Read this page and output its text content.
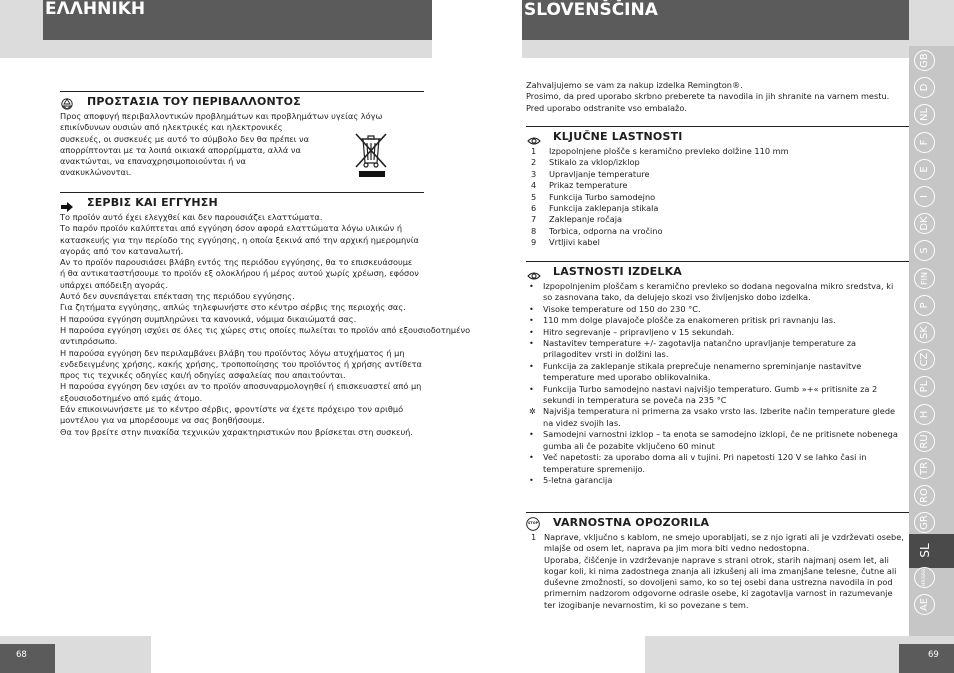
ΕΛΛΗΝΙΚΗ
ΠΡΟΣΤΑΣΙΑ ΤΟΥ ΠΕΡΙΒΑΛΛΟΝΤΟΣ
Προς αποφυγή περιβαλλοντικών προβλημάτων και προβλημάτων υγείας λόγω
επικίνδυνων ουσιών από ηλεκτρικές και ηλεκτρονικές
συσκευές, οι συσκευές με αυτό το σύμβολο δεν θα πρέπει να
απορρίπτονται με τα λοιπά οικιακά απορρίμματα, αλλά να
ανακτώνται, να επαναχρησιμοποιούνται ή να
ανακυκλώνονται.
ΣΕΡΒΙΣ ΚΑΙ ΕΓΓΥΗΣΗ
Το προϊόν αυτό έχει ελεγχθεί και δεν παρουσιάζει ελαττώματα.
Το παρόν προϊόν καλύπτεται από εγγύηση όσον αφορά ελαττώματα λόγω υλικών ή
κατασκευής για την περίοδο της εγγύησης, η οποία ξεκινά από την αρχική ημερομηνία
αγοράς από τον καταναλωτή.
Αν το προϊόν παρουσιάσει βλάβη εντός της περιόδου εγγύησης, θα το επισκευάσουμε
ή θα αντικαταστήσουμε το προϊόν εξ ολοκλήρου ή μέρος αυτού χωρίς χρέωση, εφόσον
υπάρχει απόδειξη αγοράς.
Αυτό δεν συνεπάγεται επέκταση της περιόδου εγγύησης.
Για ζητήματα εγγύησης, απλώς τηλεφωνήστε στο κέντρο σέρβις της περιοχής σας.
Η παρούσα εγγύηση συμπληρώνει τα κανονικά, νόμιμα δικαιώματά σας.
Η παρούσα εγγύηση ισχύει σε όλες τις χώρες στις οποίες πωλείται το προϊόν από εξουσιοδοτημένο
αντιπρόσωπο.
Η παρούσα εγγύηση δεν περιλαμβάνει βλάβη του προϊόντος λόγω ατυχήματος ή μη
ενδεδειγμένης χρήσης, κακής χρήσης, τροποποίησης του προϊόντος ή χρήσης αντίθετα
προς τις τεχνικές οδηγίες και/ή οδηγίες ασφαλείας που απαιτούνται.
Η παρούσα εγγύηση δεν ισχύει αν το προϊόν αποσυναρμολογηθεί ή επισκευαστεί από μη
εξουσιοδοτημένο από εμάς άτομο.
Εάν επικοινωνήσετε με το κέντρο σέρβις, φροντίστε να έχετε πρόχειρο τον αριθμό
μοντέλου για να μπορέσουμε να σας βοηθήσουμε.
Θα τον βρείτε στην πινακίδα τεχνικών χαρακτηριστικών που βρίσκεται στη συσκευή.
68
SLOVENŠČINA
Zahvaljujemo se vam za nakup izdelka Remington®.
Prosimo, da pred uporabo skrbno preberete ta navodila in jih shranite na varnem mestu.
Pred uporabo odstranite vso embalažo.
KLJUČNE LASTNOSTI
1	Izpopolnjene plošče s keramično prevleko dolžine 110 mm
2	Stikalo za vklop/izklop
3	Upravljanje temperature
4	Prikaz temperature
5	Funkcija Turbo samodejno
6	Funkcija zaklepanja stikala
7	Zaklepanje ročaja
8	Torbica, odporna na vročino
9	Vrtljivi kabel
LASTNOSTI IZDELKA
• Izpopolnjenim ploščam s keramično prevleko so dodana negovalna mikro sredstva, ki
so zasnovana tako, da delujejo skozi vso življenjsko dobo izdelka.
• Visoke temperature od 150 do 230 °C.
• 110 mm dolge plavajoče plošče za enakomeren pritisk pri ravnanju las.
• Hitro segrevanje – pripravljeno v 15 sekundah.
• Nastavitev temperature +/- zagotavlja natančno upravljanje temperature za
prilagoditev vrsti in dolžini las.
• Funkcija za zaklepanje stikala preprečuje nenamerno spreminjanje nastavitve
temperature med uporabo oblikovalnika.
• Funkcija Turbo samodejno nastavi najvišjo temperaturo. Gumb »+« pritisnite za 2
sekundi in temperatura se poveča na 235 °C
✲ Najvišja temperatura ni primerna za vsako vrsto las. Izberite način temperature glede
na videz svojih las.
• Samodejni varnostni izklop – ta enota se samodejno izklopi, če ne pritisnete nobenega
gumba ali če pozabite vključeno 60 minut
• Več napetosti: za uporabo doma ali v tujini. Pri napetosti 120 V se lahko časi in
temperature spremenijo.
• 5-letna garancija
STOP VARNOSTNA OPOZORILA
1 Naprave, vključno s kablom, ne smejo uporabljati, se z njo igrati ali je vzdrževati osebe,
mlajše od osem let, naprava pa jim mora biti vedno nedostopna.
Uporaba, čiščenje in vzdrževanje naprave s strani otrok, starih najmanj osem let, ali
kogar koli, ki nima zadostnega znanja ali izkušenj ali ima zmanjšane telesne, čutne ali
duševne zmožnosti, so dovoljeni samo, ko so tej osebi dana ustrezna navodila in pod
primernim nadzorom odgovorne odrasle osebe, ki zagotavlja varnost in razumevanje
ter izogibanje nevarnostim, ki so povezane s tem.
GB
D
NL
F
E
I
DK
S
FIN
P
SK
CZ
PL
H
RU
TR
RO
GR
SL
HR/SRB
AE
69
